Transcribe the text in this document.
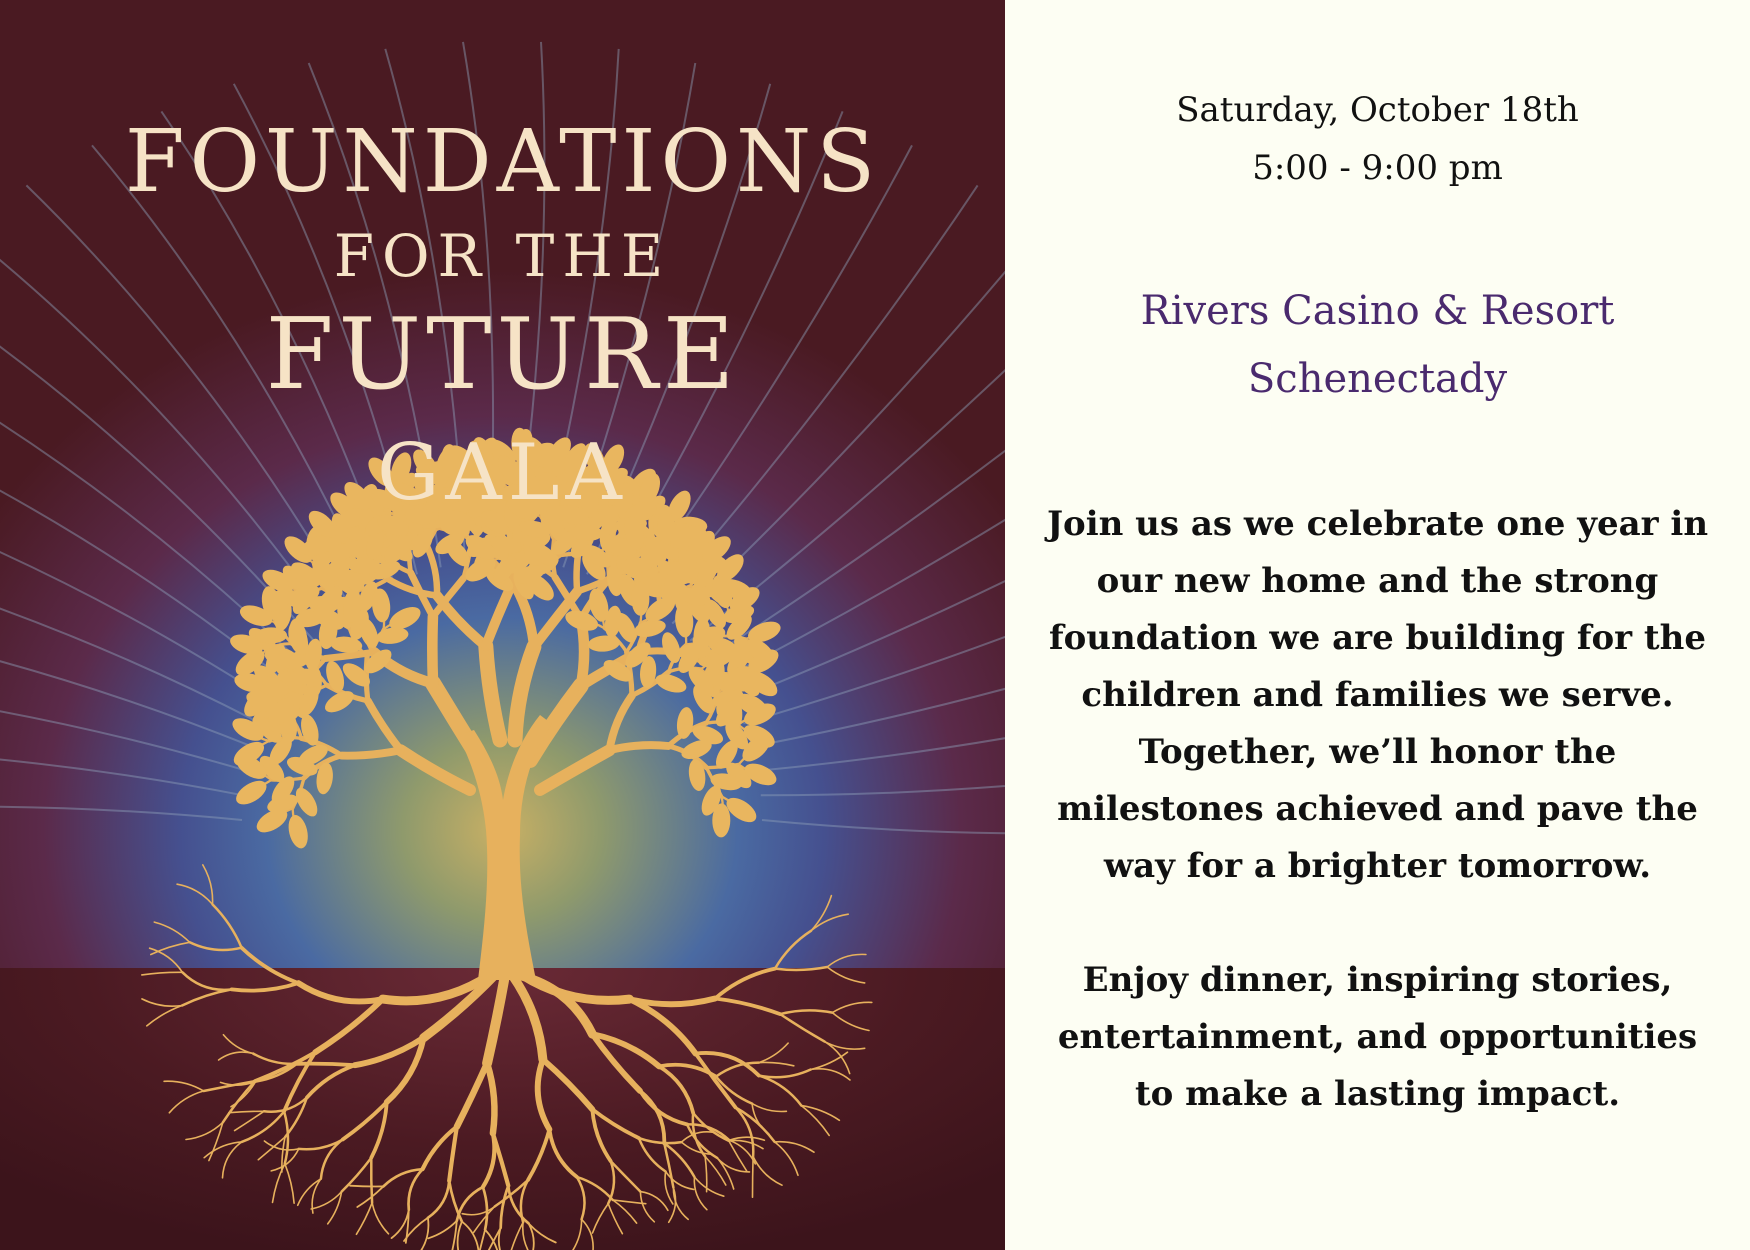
FOUNDATIONS
FOR THE
FUTURE
GALA

Saturday, October 18th

5:00 - 9:00 pm

Rivers Casino & Resort

Schenectady

Join us as we celebrate one year in
our new home and the strong
foundation we are building for the
children and families we serve.
Together, we’ll honor the
milestones achieved and pave the
way for a brighter tomorrow.
Enjoy dinner, inspiring stories,
entertainment, and opportunities
to make a lasting impact.
